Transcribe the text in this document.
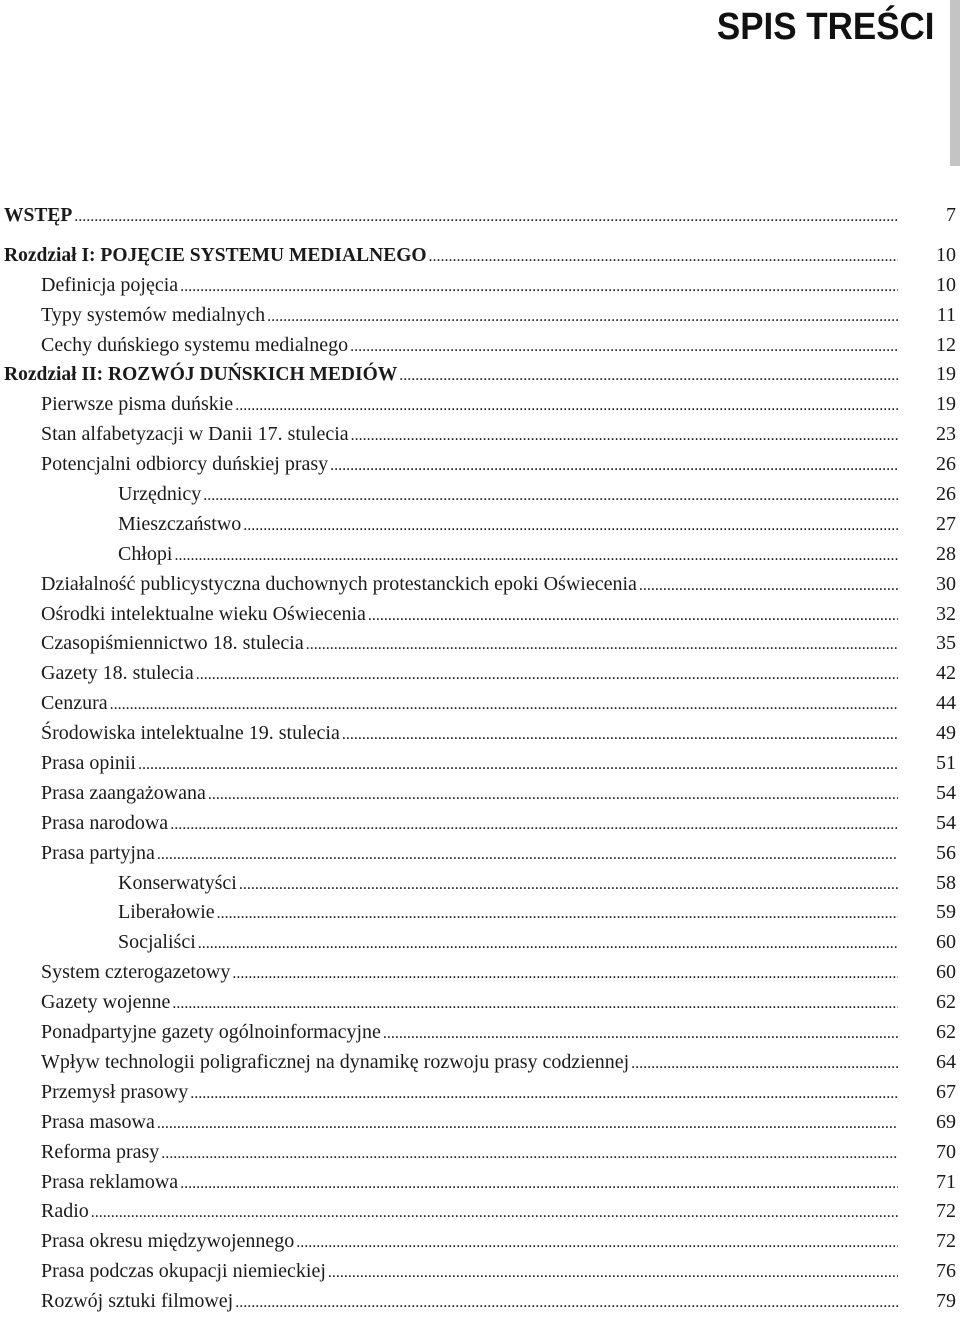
SPIS TREŚCI
WSTĘP .....	7
Rozdział I: POJĘCIE SYSTEMU MEDIALNEGO .....	10
Definicja pojęcia .....	10
Typy systemów medialnych .....	11
Cechy duńskiego systemu medialnego .....	12
Rozdział II: ROZWÓJ DUŃSKICH MEDIÓW .....	19
Pierwsze pisma duńskie .....	19
Stan alfabetyzacji w Danii 17. stulecia .....	23
Potencjalni odbiorcy duńskiej prasy .....	26
Urzędnicy .....	26
Mieszczaństwo .....	27
Chłopi .....	28
Działalność publicystyczna duchownych protestanckich epoki Oświecenia .....	30
Ośrodki intelektualne wieku Oświecenia .....	32
Czasopiśmiennictwo 18. stulecia .....	35
Gazety 18. stulecia .....	42
Cenzura .....	44
Środowiska intelektualne 19. stulecia .....	49
Prasa opinii .....	51
Prasa zaangażowana .....	54
Prasa narodowa .....	54
Prasa partyjna .....	56
Konserwatyści .....	58
Liberałowie .....	59
Socjaliści .....	60
System czterogazetowy .....	60
Gazety wojenne .....	62
Ponadpartyjne gazety ogólnoinformacyjne .....	62
Wpływ technologii poligraficznej na dynamikę rozwoju prasy codziennej .....	64
Przemysł prasowy .....	67
Prasa masowa .....	69
Reforma prasy .....	70
Prasa reklamowa .....	71
Radio .....	72
Prasa okresu międzywojennego .....	72
Prasa podczas okupacji niemieckiej .....	76
Rozwój sztuki filmowej .....	79
